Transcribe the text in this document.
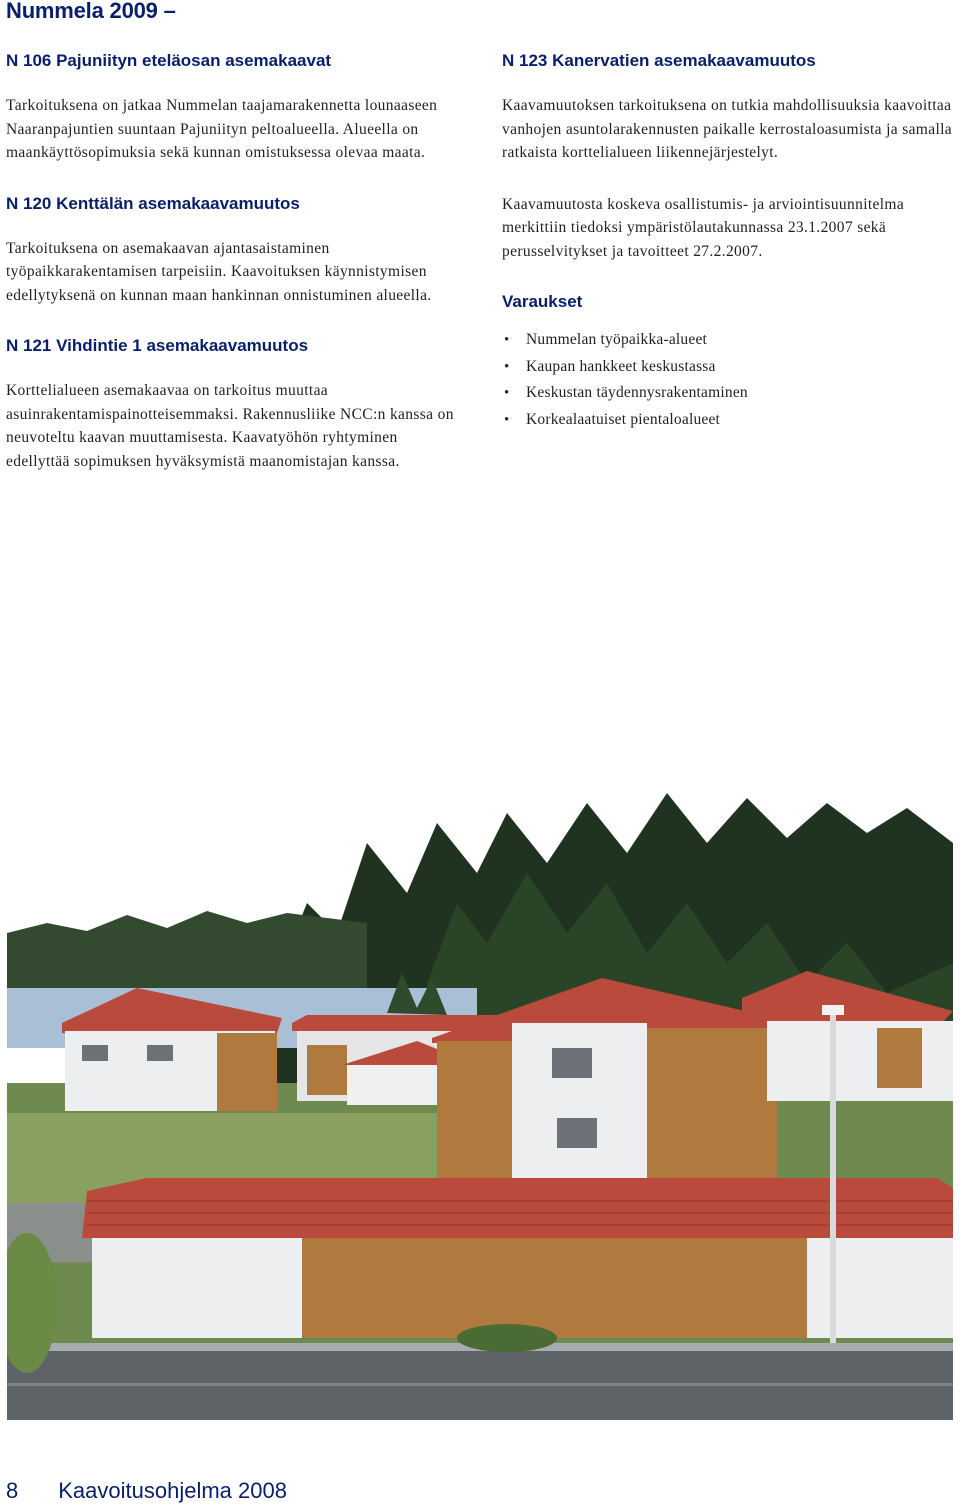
Nummela 2009 –
N 106 Pajuniityn eteläosan asemakaavat

Tarkoituksena on jatkaa Nummelan taajamarakennetta lounaaseen Naaranpajuntien suuntaan Pajuniityn peltoalueella. Alueella on maankäyttösopimuksia sekä kunnan omistuksessa olevaa maata.

N 120 Kenttälän asemakaavamuutos

Tarkoituksena on asemakaavan ajantasaistaminen työpaikkarakentamisen tarpeisiin. Kaavoituksen käynnistymisen edellytyksenä on kunnan maan hankinnan onnistuminen alueella.

N 121 Vihdintie 1 asemakaavamuutos

Korttelialueen asemakaavaa on tarkoitus muuttaa asuinrakentamispainotteisemmaksi. Rakennusliike NCC:n kanssa on neuvoteltu kaavan muuttamisesta. Kaavatyöhön ryhtyminen edellyttää sopimuksen hyväksymistä maanomistajan kanssa.

N 123 Kanervatien asemakaavamuutos

Kaavamuutoksen tarkoituksena on tutkia mahdollisuuksia kaavoittaa vanhojen asuntolarakennusten paikalle kerrostaloasumista ja samalla ratkaista korttelialueen liikennejärjestelyt.

Kaavamuutosta koskeva osallistumis- ja arviointisuunnitelma merkittiin tiedoksi ympäristölautakunnassa 23.1.2007 sekä perusselvitykset ja tavoitteet 27.2.2007.

Varaukset
• Nummelan työpaikka-alueet
• Kaupan hankkeet keskustassa
• Keskustan täydennysrakentaminen
• Korkealaatuiset pientaloalueet
8 Kaavoitusohjelma 2008
